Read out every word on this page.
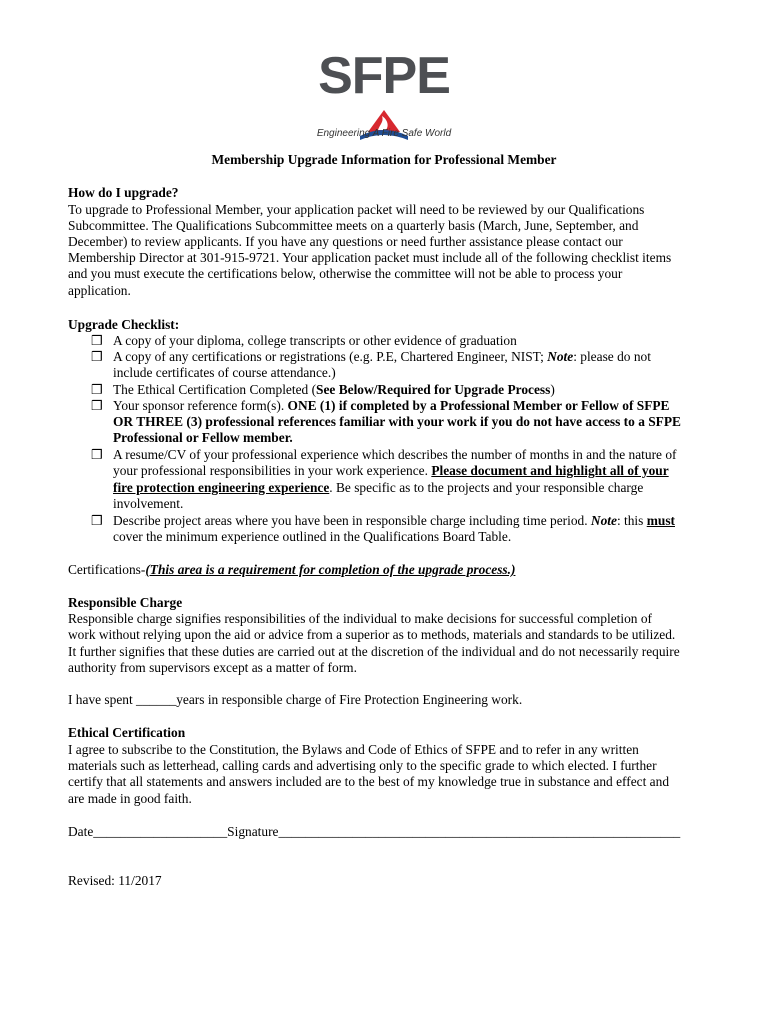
SFPE
Engineering A Fire Safe World
Membership Upgrade Information for Professional Member
How do I upgrade?
To upgrade to Professional Member, your application packet will need to be reviewed by our Qualifications
Subcommittee. The Qualifications Subcommittee meets on a quarterly basis (March, June, September, and
December) to review applicants. If you have any questions or need further assistance please contact our
Membership Director at 301-915-9721. Your application packet must include all of the following checklist items
and you must execute the certifications below, otherwise the committee will not be able to process your
application.
Upgrade Checklist:
❒ A copy of your diploma, college transcripts or other evidence of graduation
❒ A copy of any certifications or registrations (e.g. P.E, Chartered Engineer, NIST; Note: please do not
include certificates of course attendance.)
❒ The Ethical Certification Completed (See Below/Required for Upgrade Process)
❒ Your sponsor reference form(s). ONE (1) if completed by a Professional Member or Fellow of SFPE
OR THREE (3) professional references familiar with your work if you do not have access to a SFPE
Professional or Fellow member.
❒ A resume/CV of your professional experience which describes the number of months in and the nature of
your professional responsibilities in your work experience. Please document and highlight all of your
fire protection engineering experience. Be specific as to the projects and your responsible charge
involvement.
❒ Describe project areas where you have been in responsible charge including time period. Note: this must
cover the minimum experience outlined in the Qualifications Board Table.
Certifications-(This area is a requirement for completion of the upgrade process.)
Responsible Charge
Responsible charge signifies responsibilities of the individual to make decisions for successful completion of
work without relying upon the aid or advice from a superior as to methods, materials and standards to be utilized.
It further signifies that these duties are carried out at the discretion of the individual and do not necessarily require
authority from supervisors except as a matter of form.
I have spent ______years in responsible charge of Fire Protection Engineering work.
Ethical Certification
I agree to subscribe to the Constitution, the Bylaws and Code of Ethics of SFPE and to refer in any written
materials such as letterhead, calling cards and advertising only to the specific grade to which elected. I further
certify that all statements and answers included are to the best of my knowledge true in substance and effect and
are made in good faith.
Date____________________Signature____________________________________________________________
Revised: 11/2017
